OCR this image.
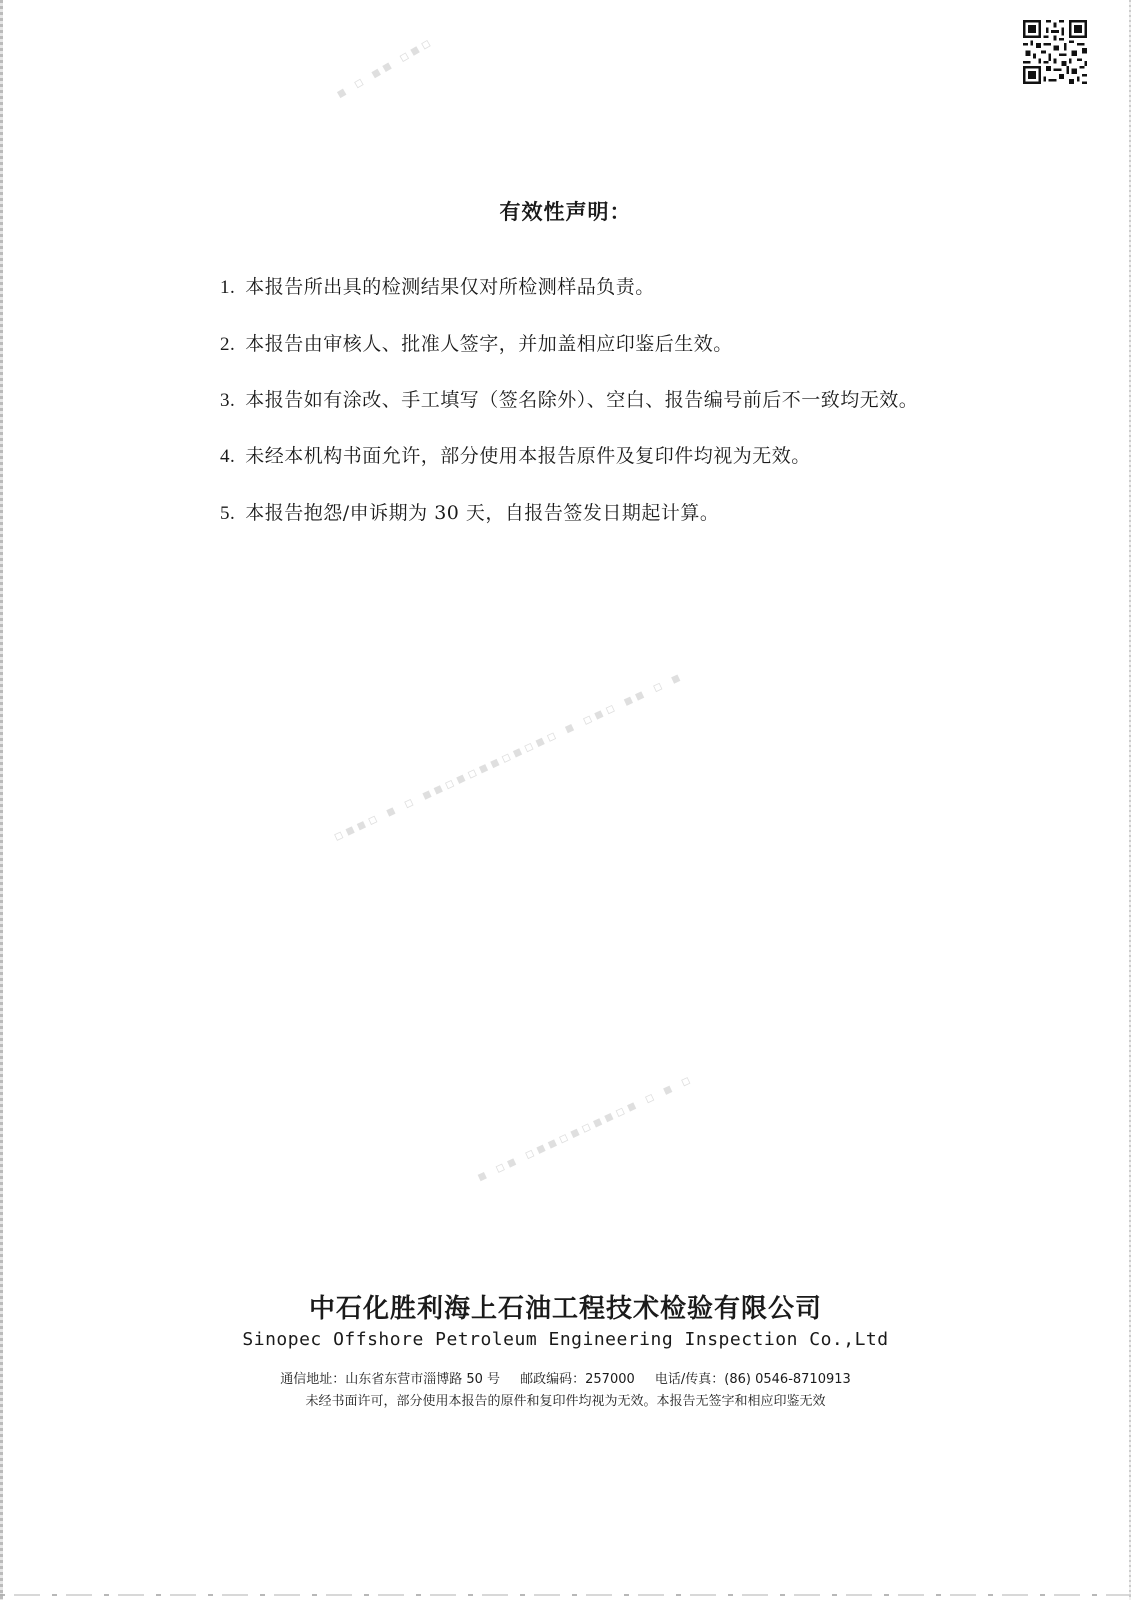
▪ ▫ ▪▪ ▫▪▫
▫▪▪▫ ▪ ▫ ▪▪▫▪▫▪▪▫▪▫▪▫ ▪ ▫▪▫ ▪▪ ▫ ▪
▪ ▫▪ ▫▪▪▫▪▫▪▪▫▪ ▫ ▪ ▫
有效性声明：
1. 本报告所出具的检测结果仅对所检测样品负责。
2. 本报告由审核人、批准人签字，并加盖相应印鉴后生效。
3. 本报告如有涂改、手工填写（签名除外）、空白、报告编号前后不一致均无效。
4. 未经本机构书面允许，部分使用本报告原件及复印件均视为无效。
5. 本报告抱怨/申诉期为 30 天，自报告签发日期起计算。
中石化胜利海上石油工程技术检验有限公司
Sinopec Offshore Petroleum Engineering Inspection Co.,Ltd
通信地址：山东省东营市淄博路 50 号 邮政编码：257000 电话/传真：(86) 0546-8710913
未经书面许可，部分使用本报告的原件和复印件均视为无效。本报告无签字和相应印鉴无效
